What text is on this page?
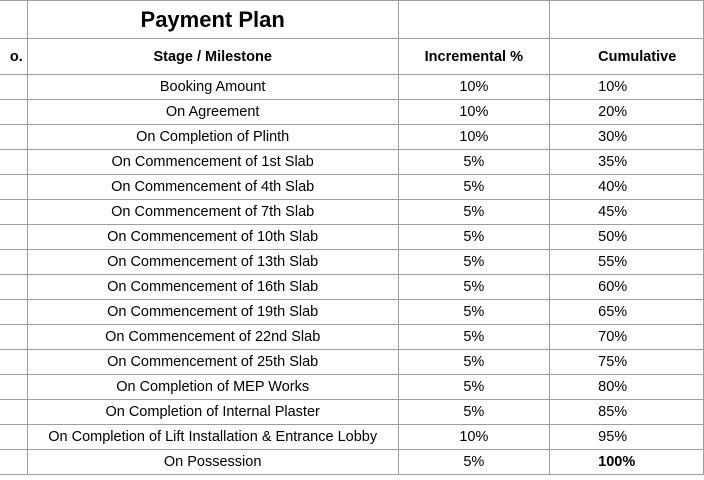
	Payment Plan		
o.	Stage / Milestone	Incremental %	Cumulative
	Booking Amount	10%	10%
	On Agreement	10%	20%
	On Completion of Plinth	10%	30%
	On Commencement of 1st Slab	5%	35%
	On Commencement of 4th Slab	5%	40%
	On Commencement of 7th Slab	5%	45%
	On Commencement of 10th Slab	5%	50%
	On Commencement of 13th Slab	5%	55%
	On Commencement of 16th Slab	5%	60%
	On Commencement of 19th Slab	5%	65%
	On Commencement of 22nd Slab	5%	70%
	On Commencement of 25th Slab	5%	75%
	On Completion of MEP Works	5%	80%
	On Completion of Internal Plaster	5%	85%
	On Completion of Lift Installation & Entrance Lobby	10%	95%
	On Possession	5%	100%
